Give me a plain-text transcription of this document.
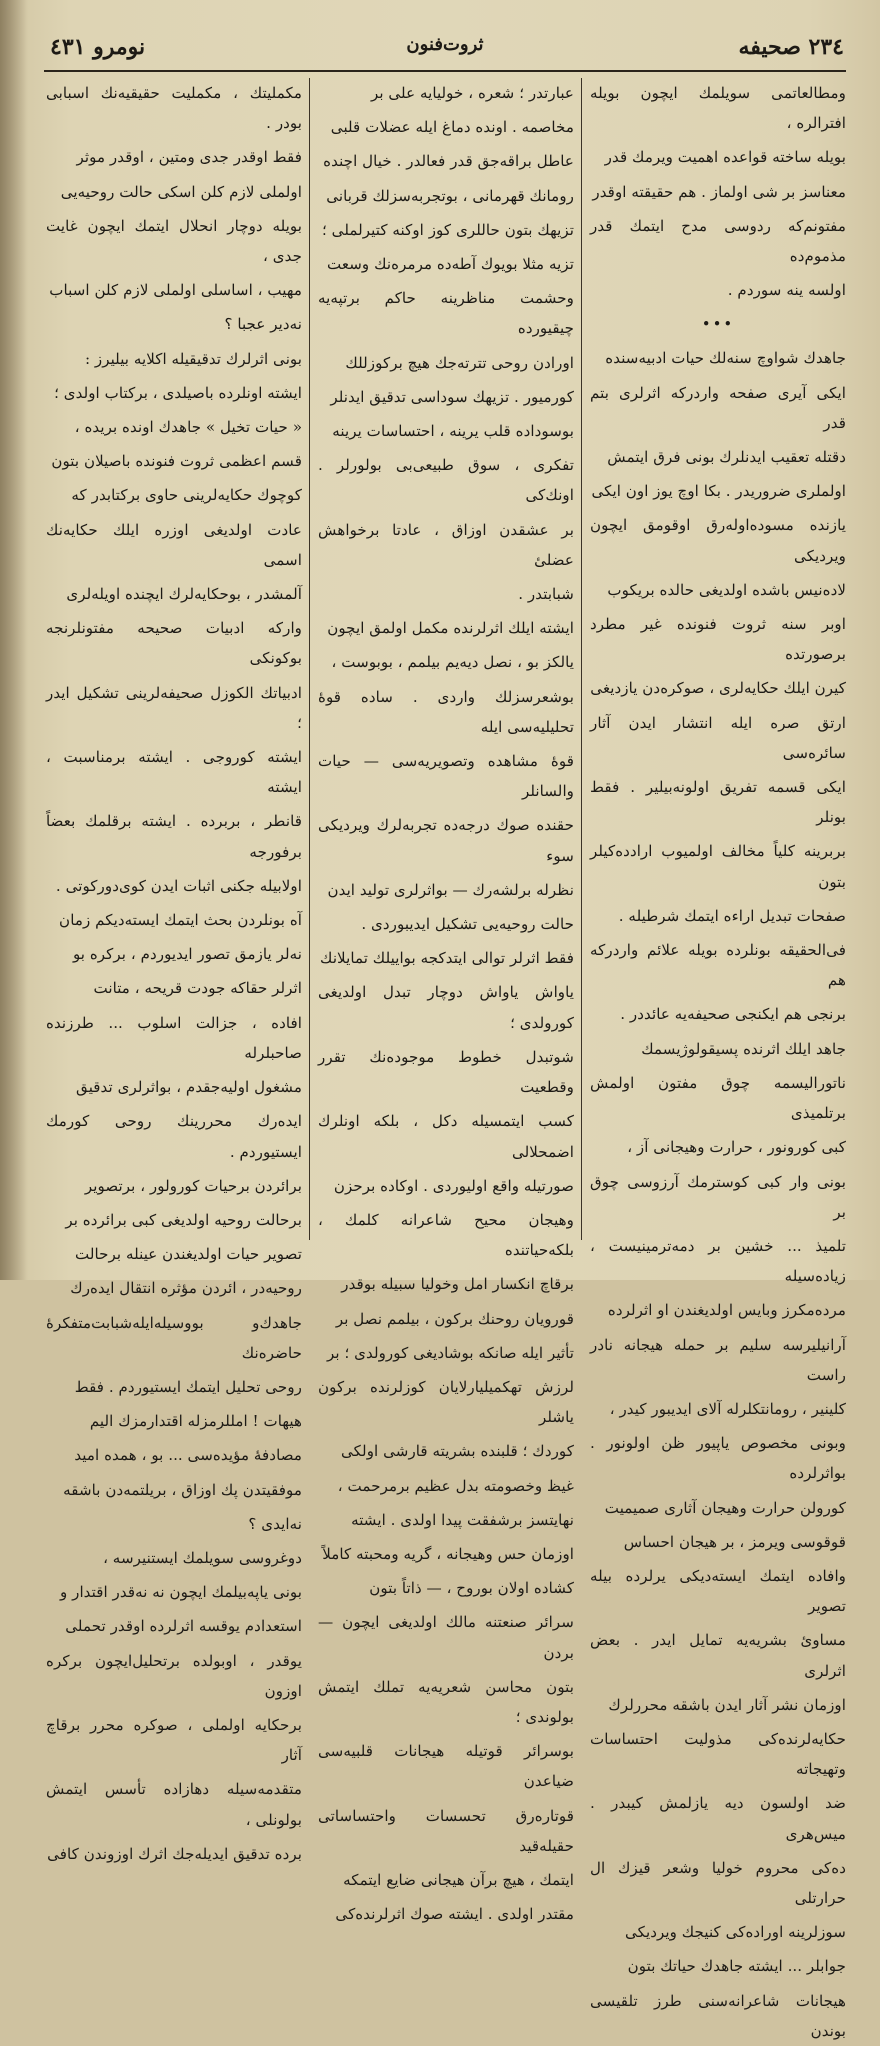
۲۳٤ صحیفه
ثروت‌فنون
نومرو ٤۳۱

ومطالعاتمی سویلمك ایچون بویله افترالره ،

بویله ساخته قواعده اهمیت ویرمك قدر

معناسز بر شی اولماز . هم حقیقته اوقدر

مفتونم‌که ردوسی مدح ایتمك قدر مذموم‌ده

اولسه ینه سوردم .

•••

جاهدك شواوچ سنه‌لك حیات ادبیه‌سنده

ایکی آیری صفحه واردر‌که اثرلری بتم قدر

دقتله تعقیب ایدنلرك بونی فرق ایتمش

اولملری ضروریدر . بکا اوچ یوز اون ایکی

یازنده مسوده‌اوله‌رق اوقومق ایچون ویردیکی

لاده‌نیس باشده اولدیغی حالده بریکوب

اوبر سنه ثروت فنونده غیر مطرد برصورتده

کیرن ایلك حکایه‌لری ، صوکره‌دن یازدیغی

ارتق صره ایله انتشار ایدن آثار سائره‌سی

ایکی قسمه تفریق اولونه‌بیلیر . فقط بونلر

بربرینه کلیاً مخالف اولمیوب ارادده‌کیلر بتون

صفحات تبدیل اراءه ایتمك شرطیله .

فی‌الحقیقه بونلرده بویله علائم واردر‌که هم

برنجی هم ایکنجی صحیفه‌یه عائددر .

جاهد ایلك اثرنده پسیقولوژیسمك

ناتورالیسمه چوق مفتون اولمش برتلمیذی

کبی کورونور ، حرارت وهیجانی آز ،

بونی وار کبی کوسترمك آرزوسی چوق بر

تلمیذ ... خشین بر دمه‌ترمینیست ، زیاده‌سیله

مرده‌مکرز وبایس اولدیغندن او اثرلرده

آرانیلیرسه سلیم بر حمله هیجانه نادر راست

کلینیر ، رومانتکلرله آلای ایدیبور کیدر ،

وبونی مخصوص یاپیور ظن اولونور . بواثرلرده

کورولن حرارت وهیجان آثاری صمیمیت

قوقوسی ویرمز ، بر هیجان احساس

وافاده ایتمك ایسته‌دیکی یرلرده بیله تصویر

مساویٔ بشریه‌یه تمایل ایدر . بعض اثرلری

اوزمان نشر آثار ایدن باشقه محررلرك

حکایه‌لرنده‌کی مذولیت احتساسات وتهیجاته

ضد اولسون دیه یازلمش کیبدر . میس‌هری

ده‌کی محروم خولیا وشعر قیزك ال حرارتلی

سوزلرینه اوراده‌کی کنیجك ویردیکی

جوابلر ... ایشته جاهدك حیاتك بتون

هیجانات شاعرانه‌سنی طرز تلقیسی بوندن

عبارتدر ؛ شعره ، خولیایه علی بر

مخاصمه . اونده دماغ ایله عضلات قلبی

عاطل براقه‌جق قدر فعالدر . خیال اچنده

رومانك قهرمانی ، بوتجربه‌سزلك قربانی

تزیهك بتون حاللری کوز اوکنه کتیرلملی ؛

تزیه مثلا بویوك آطه‌ده مرمرەنك وسعت

وحشمت مناظرینه حاکم برتپه‌یه چیقیورده

اورادن روحی تترته‌جك هیچ برکوزللك

کورمیور . تزیهك سوداسی تدقیق ایدنلر

بوسودادە قلب یرینه ، احتساسات یرینه

تفکری ، سوق طبیعی‌بی بولورلر . اونك‌كی

بر عشقدن اوزاق ، عادتا برخواهش عضلیٔ

شبابتدر .

ایشته ایلك اثرلرنده مکمل اولمق ایچون

یالکز بو ، نصل دیه‌یم بیلمم ، بوبوست ،

بوشعرسزلك واردی . ساده قوهٔ تحلیلیه‌سی ایله

قوهٔ مشاهده وتصویریه‌سی — حیات والسانلر

حقنده صوك درجه‌ده تجربه‌لرك ویردیکی سوء

نظرله برلشه‌رك — بواثرلری تولید ایدن

حالت روحیه‌یی تشکیل ایدیبوردی .

فقط اثرلر توالی ایتدکجه بواییلك تمایلانك

یاواش یاواش دوچار تبدل اولدیغی کورولدی ؛

شوتبدل خطوط موجوده‌نك تقرر وقطعیت

کسب ایتمسیله دکل ، بلکه اونلرك اضمحلالی

صورتیله واقع اولیوردی . اوکاده برحزن

وهیجان محیح شاعرانه کلمك ، بلکه‌حیاتنده

برقاچ انکسار امل وخولیا سبیله بوقدر

قورویان روحنك برکون ، بیلمم نصل بر

تأثیر ایله صانکه بوشادیغی کورولدی ؛ بر

لرزش تهکمیلیارلایان کوزلرنده برکون یاشلر

کوردك ؛ قلبنده بشریته قارشی اولکی

غیظ وخصومته بدل عظیم برمرحمت ،

نهایتسز برشفقت پیدا اولدی . ایشته

اوزمان حس وهیجانه ، گریه ومحبته کاملاً

کشاده اولان بوروح ، — ذاتاً بتون

سرائر صنعتنه مالك اولدیغی ایچون — بردن

بتون محاسن شعریه‌یه تملك ایتمش بولوندی ؛

بوسرائر قوتیله هیجانات قلبیه‌سی ضیاعدن

قوتاره‌رق تحسسات واحتساساتی حقیله‌قید

ایتمك ، هیچ برآن هیجانی ضایع ایتمکه

مقتدر اولدی . ایشته صوك اثرلرنده‌كی

مکملیتك ، مکملیت حقیقیه‌نك اسبابی بودر .

فقط اوقدر جدی ومتین ، اوقدر موثر

اولملی لازم کلن اسکی حالت روحیه‌یی

بویله دوچار انحلال ایتمك ایچون غایت جدی ،

مهیب ، اساسلی اولملی لازم کلن اسباب

نه‌دیر عجبا ؟

بونی اثرلرك تدقیقیله اکلایه بیلیرز :

ایشته اونلرده باصیلدی ، برکتاب اولدی ؛

« حیات تخیل » جاهدك اونده بریده ،

قسم اعظمی ثروت فنونده باصیلان بتون

کوچوك حکایه‌لرینی حاوی برکتابدر که

عادت اولدیغی اوزره ایلك حکایه‌نك اسمی

آلمشدر ، بوحکایه‌لرك ایچنده اویله‌لری

وارکه ادبیات صحیحه مفتونلرنجه بوکونکی

ادبیاتك الکوزل صحیفه‌لرینی تشکیل ایدر ؛

ایشته کوروجی . ایشته برمناسبت ، ایشته

قانطر ، بربرده . ایشته برقلمك بعضاً برفورجه

اولابیله جکنی اثبات ایدن کوی‌دورکوتی .

آه بونلردن بحث ایتمك ایسته‌دیکم زمان

نه‌لر یازمق تصور ایدیوردم ، برکره بو

اثرلر حقاکه جودت قریحه ، متانت

افاده ، جزالت اسلوب ... طرزنده صاحبلرله

مشغول اولیه‌جقدم ، بواثرلری تدقیق

ایده‌رك محررینك روحی کورمك ایستیوردم .

برائردن برحیات کورولور ، برتصویر

برحالت روحیه اولدیغی کبی برائرده بر

تصویر حیات اولدیغندن عینله برحالت

روحیه‌در ، ائردن مؤثره انتقال ایده‌رك

جاهدك‌و بووسیله‌ایله‌شبابت‌متفکرهٔ حاضره‌نك

روحی تحلیل ایتمك ایستیوردم . فقط

هیهات ! امللرمزله اقتدارمزك الیم

مصادفهٔ مؤیده‌سی ... بو ، همده امید

موفقیتدن پك اوزاق ، بریلتمه‌دن باشقه

نه‌ایدی ؟

دوغروسی سویلمك ایستنیرسه ،

بونی یاپه‌بیلمك ایچون نه نه‌قدر اقتدار و

استعدادم یوقسه اثرلرده اوقدر تحملی

یوقدر ، اوبولده برتحلیل‌ایچون برکره اوزون

برحکایه اولملی ، صوکره محرر برقاچ آثار

متقدمه‌سیله دهازاده تأسس ایتمش بولونلی ،

برده تدقیق ایدیله‌جك اثرك اوزوندن کافی
